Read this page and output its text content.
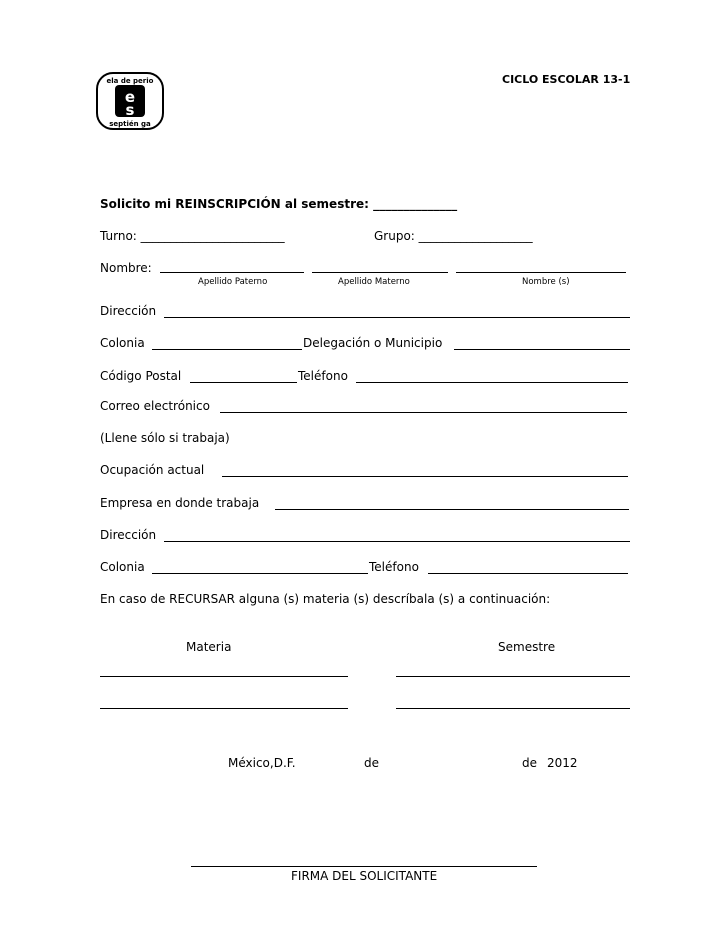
e
s
ela de perio
septién ga
CICLO ESCOLAR 13-1
Solicito mi REINSCRIPCIÓN al semestre: ______________
Turno: ________________________	Grupo: ___________________
Nombre:
Apellido Paterno	Apellido Materno	Nombre (s)
Dirección
Colonia	Delegación o Municipio
Código Postal	Teléfono
Correo electrónico
(Llene sólo si trabaja)
Ocupación actual
Empresa en donde trabaja
Dirección
Colonia	Teléfono
En caso de RECURSAR alguna (s) materia (s) descríbala (s) a continuación:
Materia	Semestre
México,D.F.	de	de 2012
FIRMA DEL SOLICITANTE
